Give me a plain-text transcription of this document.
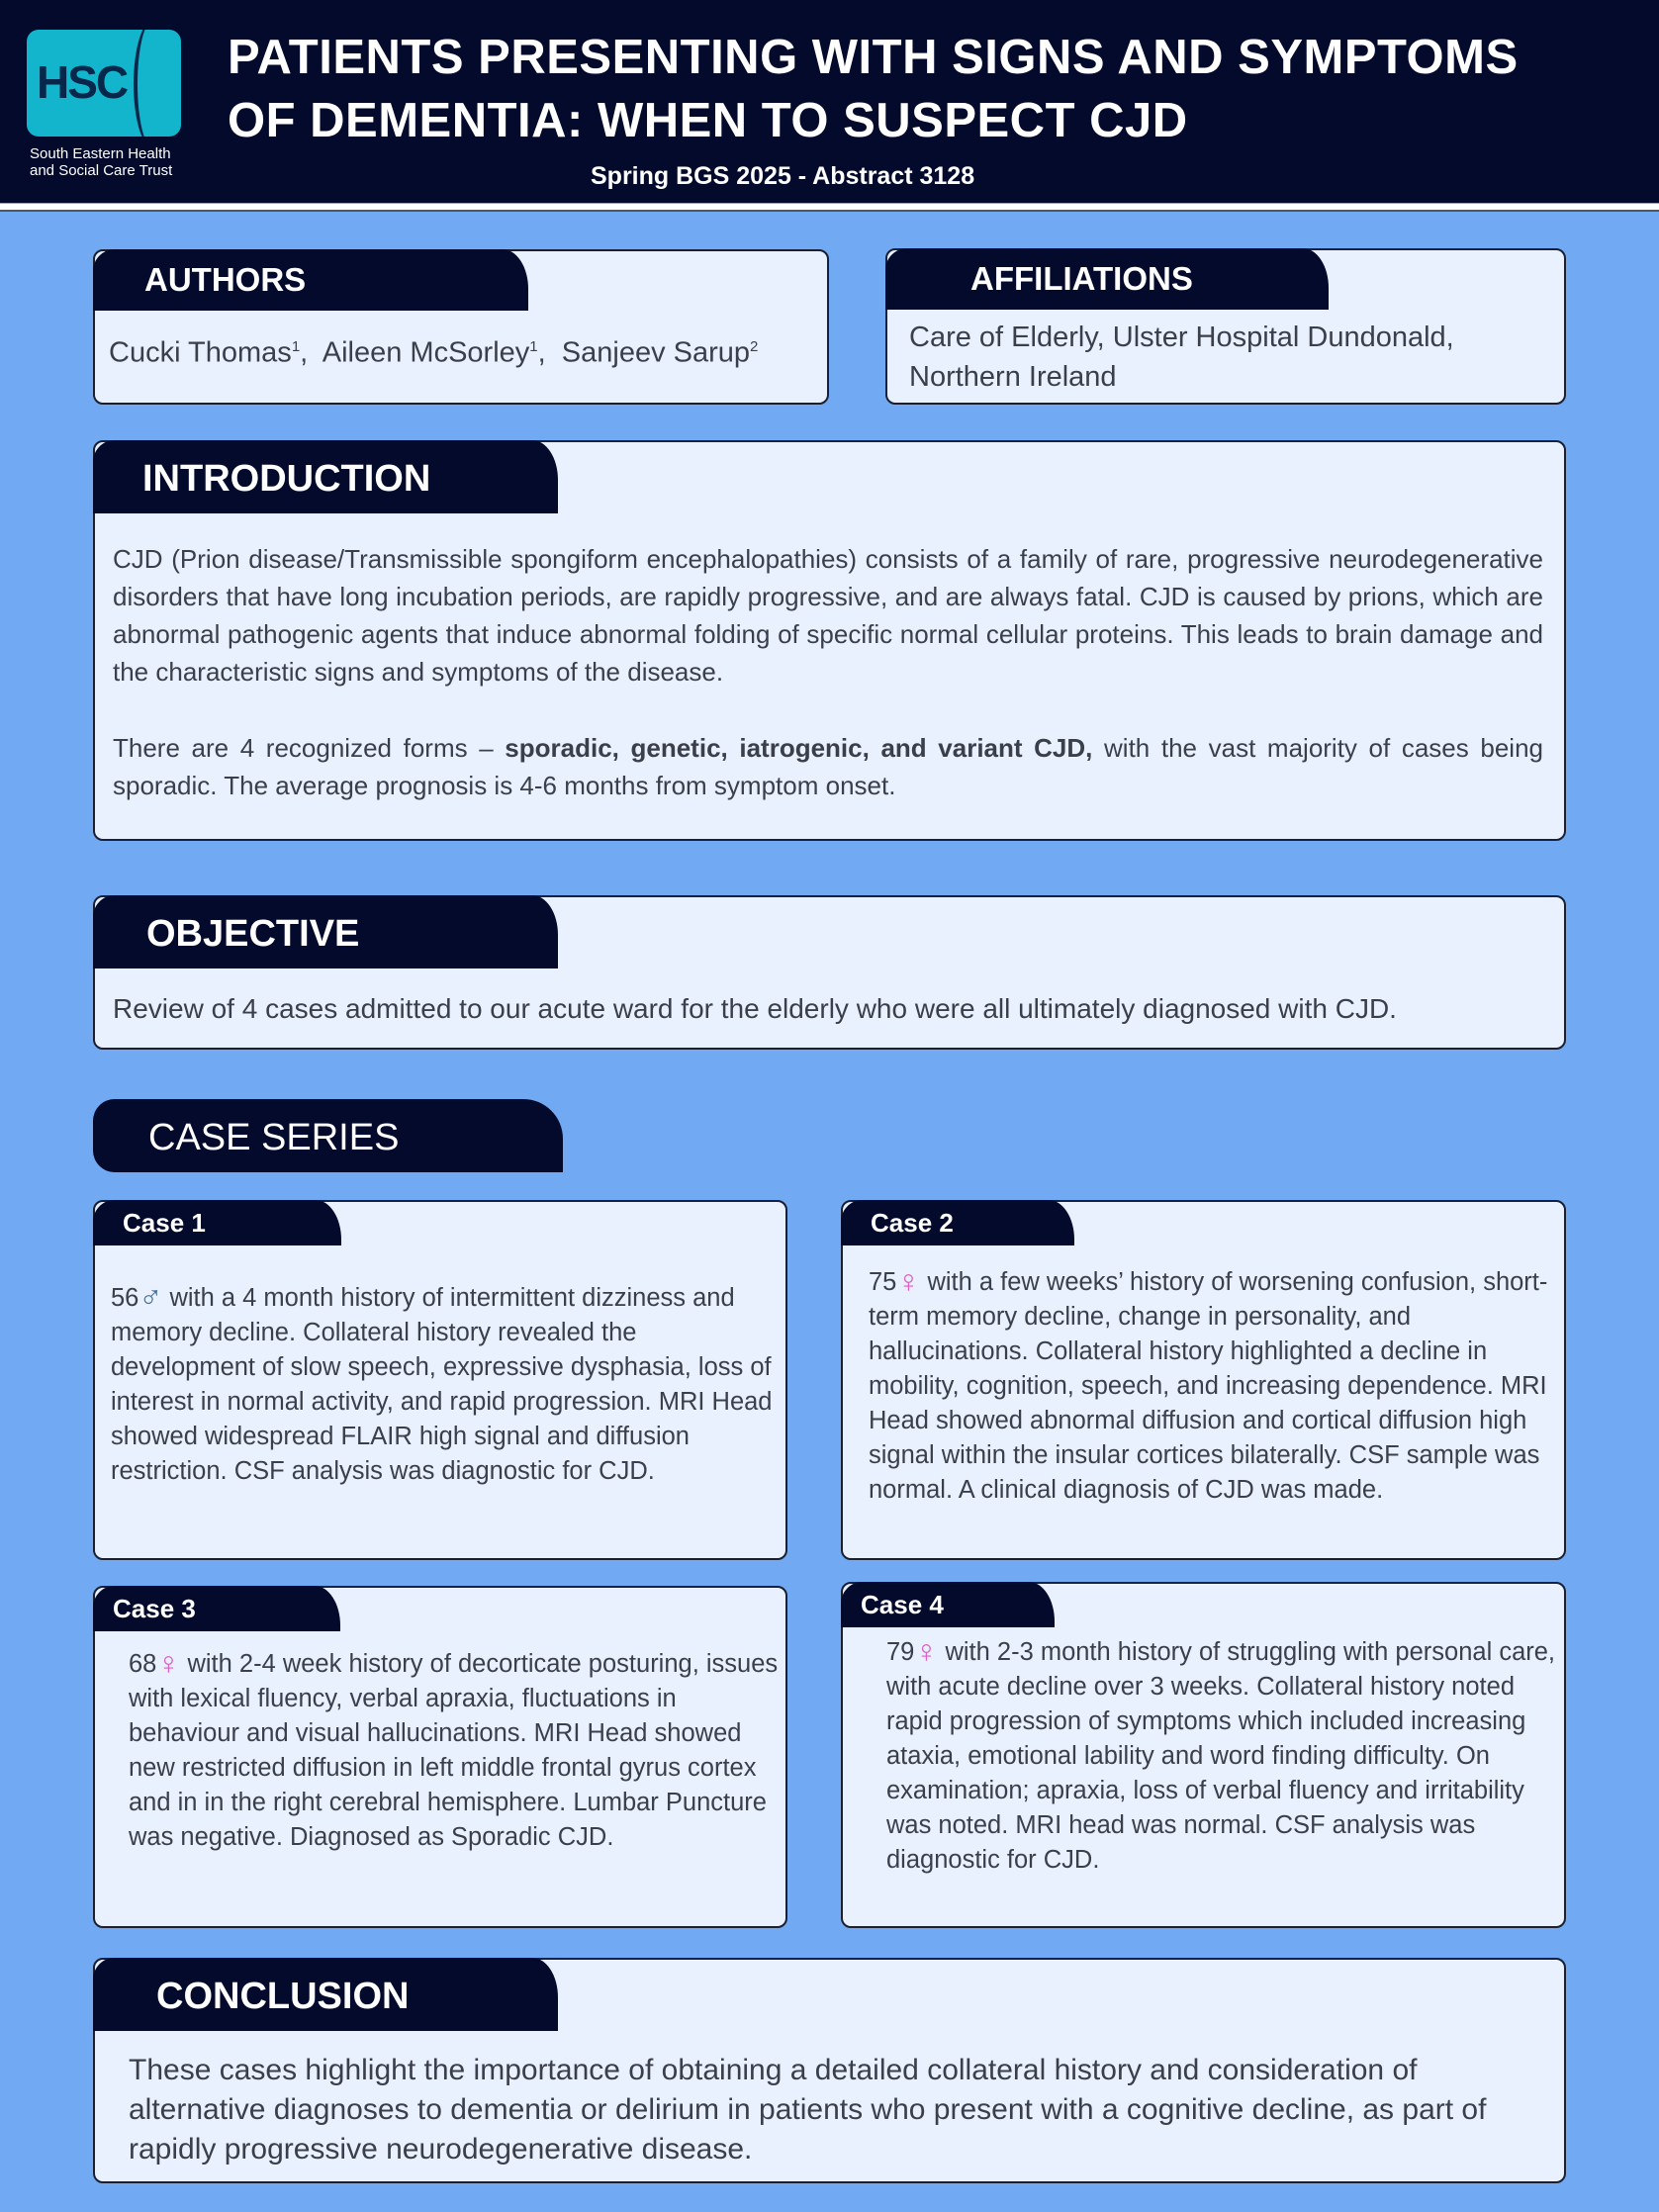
HSC
South Eastern Health
and Social Care Trust
PATIENTS PRESENTING WITH SIGNS AND SYMPTOMS
OF DEMENTIA: WHEN TO SUSPECT CJD
Spring BGS 2025 - Abstract 3128
AUTHORS
Cucki Thomas$^1$,  Aileen McSorley$^1$,  Sanjeev Sarup$^2$
AFFILIATIONS
Care of Elderly, Ulster Hospital Dundonald, Northern Ireland
INTRODUCTION
CJD (Prion disease/Transmissible spongiform encephalopathies) consists of a family of rare, progressive neurodegenerative disorders that have long incubation periods, are rapidly progressive, and are always fatal. CJD is caused by prions, which are abnormal pathogenic agents that induce abnormal folding of specific normal cellular proteins. This leads to brain damage and the characteristic signs and symptoms of the disease.
There are 4 recognized forms – sporadic, genetic, iatrogenic, and variant CJD, with the vast majority of cases being sporadic. The average prognosis is 4-6 months from symptom onset.
OBJECTIVE
Review of 4 cases admitted to our acute ward for the elderly who were all ultimately diagnosed with CJD.
CASE SERIES
Case 1
56♂ with a 4 month history of intermittent dizziness and memory decline. Collateral history revealed the development of slow speech, expressive dysphasia, loss of interest in normal activity, and rapid progression. MRI Head showed widespread FLAIR high signal and diffusion restriction. CSF analysis was diagnostic for CJD.
Case 2
75♀ with a few weeks’ history of worsening confusion, short-term memory decline, change in personality, and hallucinations. Collateral history highlighted a decline in mobility, cognition, speech, and increasing dependence. MRI Head showed abnormal diffusion and cortical diffusion high signal within the insular cortices bilaterally. CSF sample was normal. A clinical diagnosis of CJD was made.
Case 3
68♀ with 2-4 week history of decorticate posturing, issues with lexical fluency, verbal apraxia, fluctuations in behaviour and visual hallucinations. MRI Head showed new restricted diffusion in left middle frontal gyrus cortex and in in the right cerebral hemisphere. Lumbar Puncture was negative. Diagnosed as Sporadic CJD.
Case 4
79♀ with 2-3 month history of struggling with personal care, with acute decline over 3 weeks. Collateral history noted rapid progression of symptoms which included increasing ataxia, emotional lability and word finding difficulty. On examination; apraxia, loss of verbal fluency and irritability was noted. MRI head was normal. CSF analysis was diagnostic for CJD.
CONCLUSION
These cases highlight the importance of obtaining a detailed collateral history and consideration of alternative diagnoses to dementia or delirium in patients who present with a cognitive decline, as part of rapidly progressive neurodegenerative disease.
